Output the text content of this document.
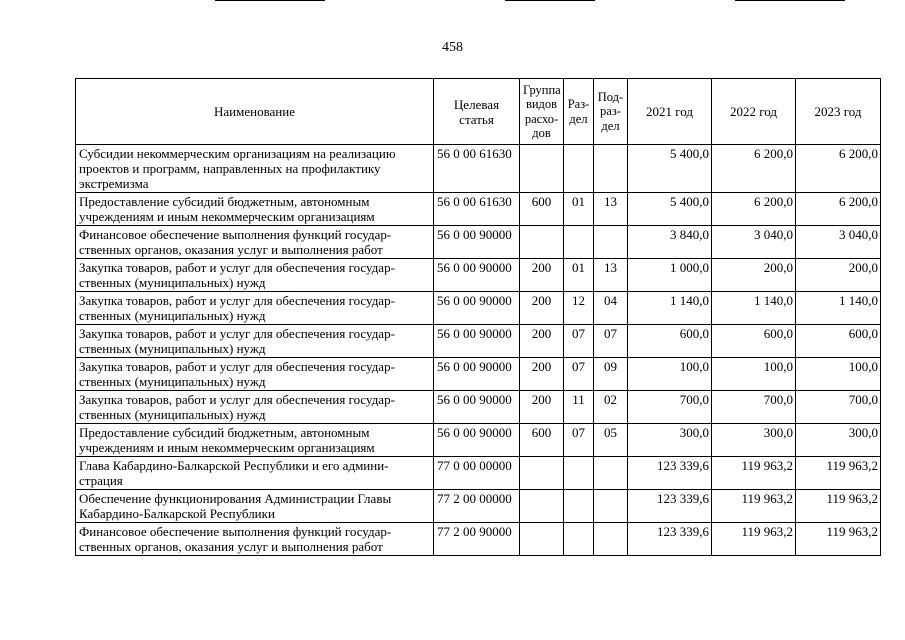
458
Наименование	Целевая статья	Группа видов расхо-дов	Раз-дел	Под-раз-дел	2021 год	2022 год	2023 год
Субсидии некоммерческим организациям на реализацию проектов и программ, направленных на профилактику экстремизма	56 0 00 61630				5 400,0	6 200,0	6 200,0
Предоставление субсидий бюджетным, автономным учреждениям и иным некоммерческим организациям	56 0 00 61630	600	01	13	5 400,0	6 200,0	6 200,0
Финансовое обеспечение выполнения функций государ-ственных органов, оказания услуг и выполнения работ	56 0 00 90000				3 840,0	3 040,0	3 040,0
Закупка товаров, работ и услуг для обеспечения государ-ственных (муниципальных) нужд	56 0 00 90000	200	01	13	1 000,0	200,0	200,0
Закупка товаров, работ и услуг для обеспечения государ-ственных (муниципальных) нужд	56 0 00 90000	200	12	04	1 140,0	1 140,0	1 140,0
Закупка товаров, работ и услуг для обеспечения государ-ственных (муниципальных) нужд	56 0 00 90000	200	07	07	600,0	600,0	600,0
Закупка товаров, работ и услуг для обеспечения государ-ственных (муниципальных) нужд	56 0 00 90000	200	07	09	100,0	100,0	100,0
Закупка товаров, работ и услуг для обеспечения государ-ственных (муниципальных) нужд	56 0 00 90000	200	11	02	700,0	700,0	700,0
Предоставление субсидий бюджетным, автономным учреждениям и иным некоммерческим организациям	56 0 00 90000	600	07	05	300,0	300,0	300,0
Глава Кабардино-Балкарской Республики и его админи-страция	77 0 00 00000				123 339,6	119 963,2	119 963,2
Обеспечение функционирования Администрации Главы Кабардино-Балкарской Республики	77 2 00 00000				123 339,6	119 963,2	119 963,2
Финансовое обеспечение выполнения функций государ-ственных органов, оказания услуг и выполнения работ	77 2 00 90000				123 339,6	119 963,2	119 963,2
